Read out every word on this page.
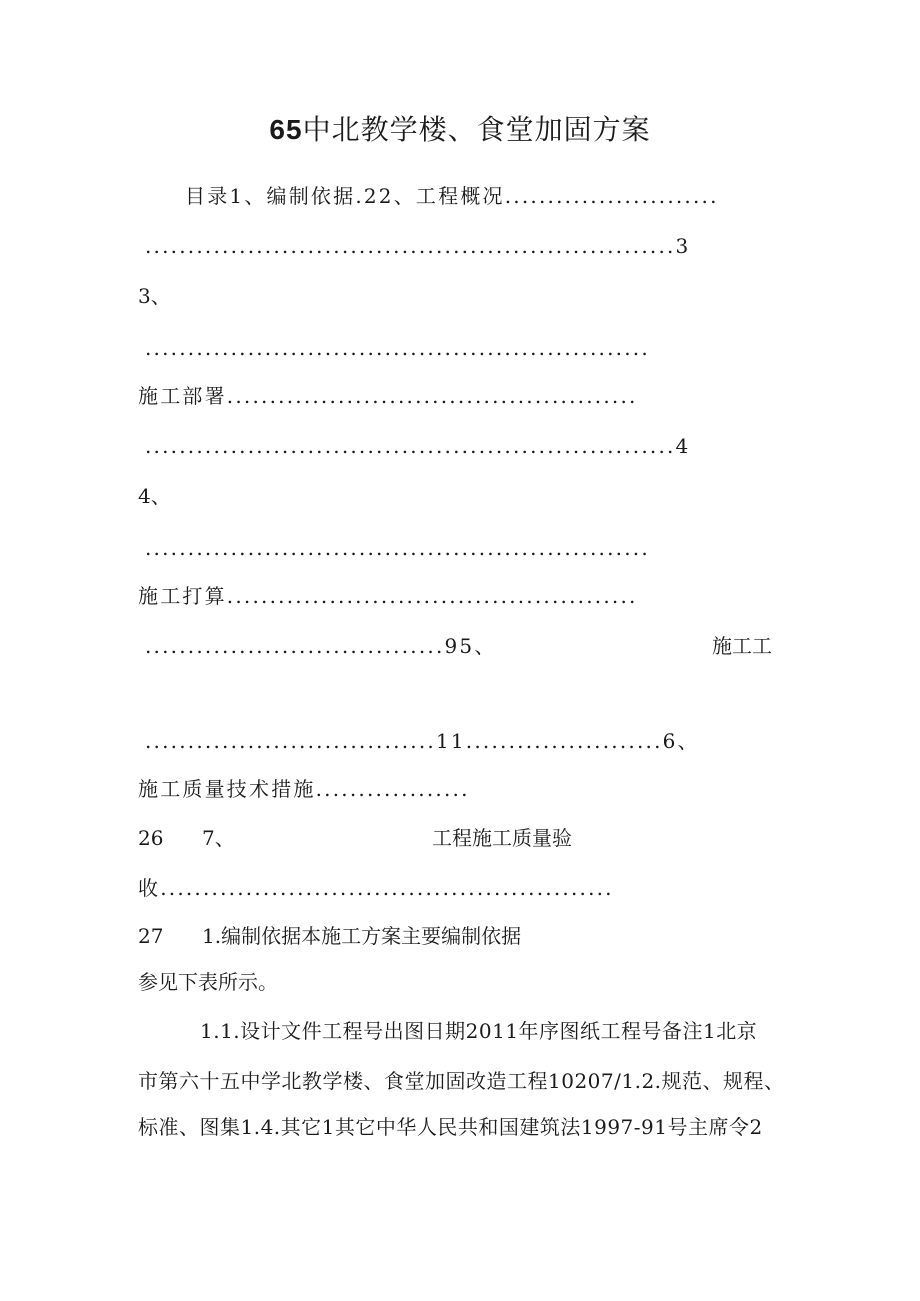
65中北教学楼、食堂加固方案
目录1、编制依据.22、工程概况.........................
..............................................................3
3、
...........................................................
施工部署................................................
..............................................................4
4、
...........................................................
施工打算................................................
...................................95、	施工工
..................................11.......................6、
施工质量技术措施..................
26 7、	工程施工质量验
收.....................................................
27 1.编制依据本施工方案主要编制依据
参见下表所示。
1.1.设计文件工程号出图日期2011年序图纸工程号备注1北京
市第六十五中学北教学楼、食堂加固改造工程10207/1.2.规范、规程、
标准、图集1.4.其它1其它中华人民共和国建筑法1997-91号主席令2
